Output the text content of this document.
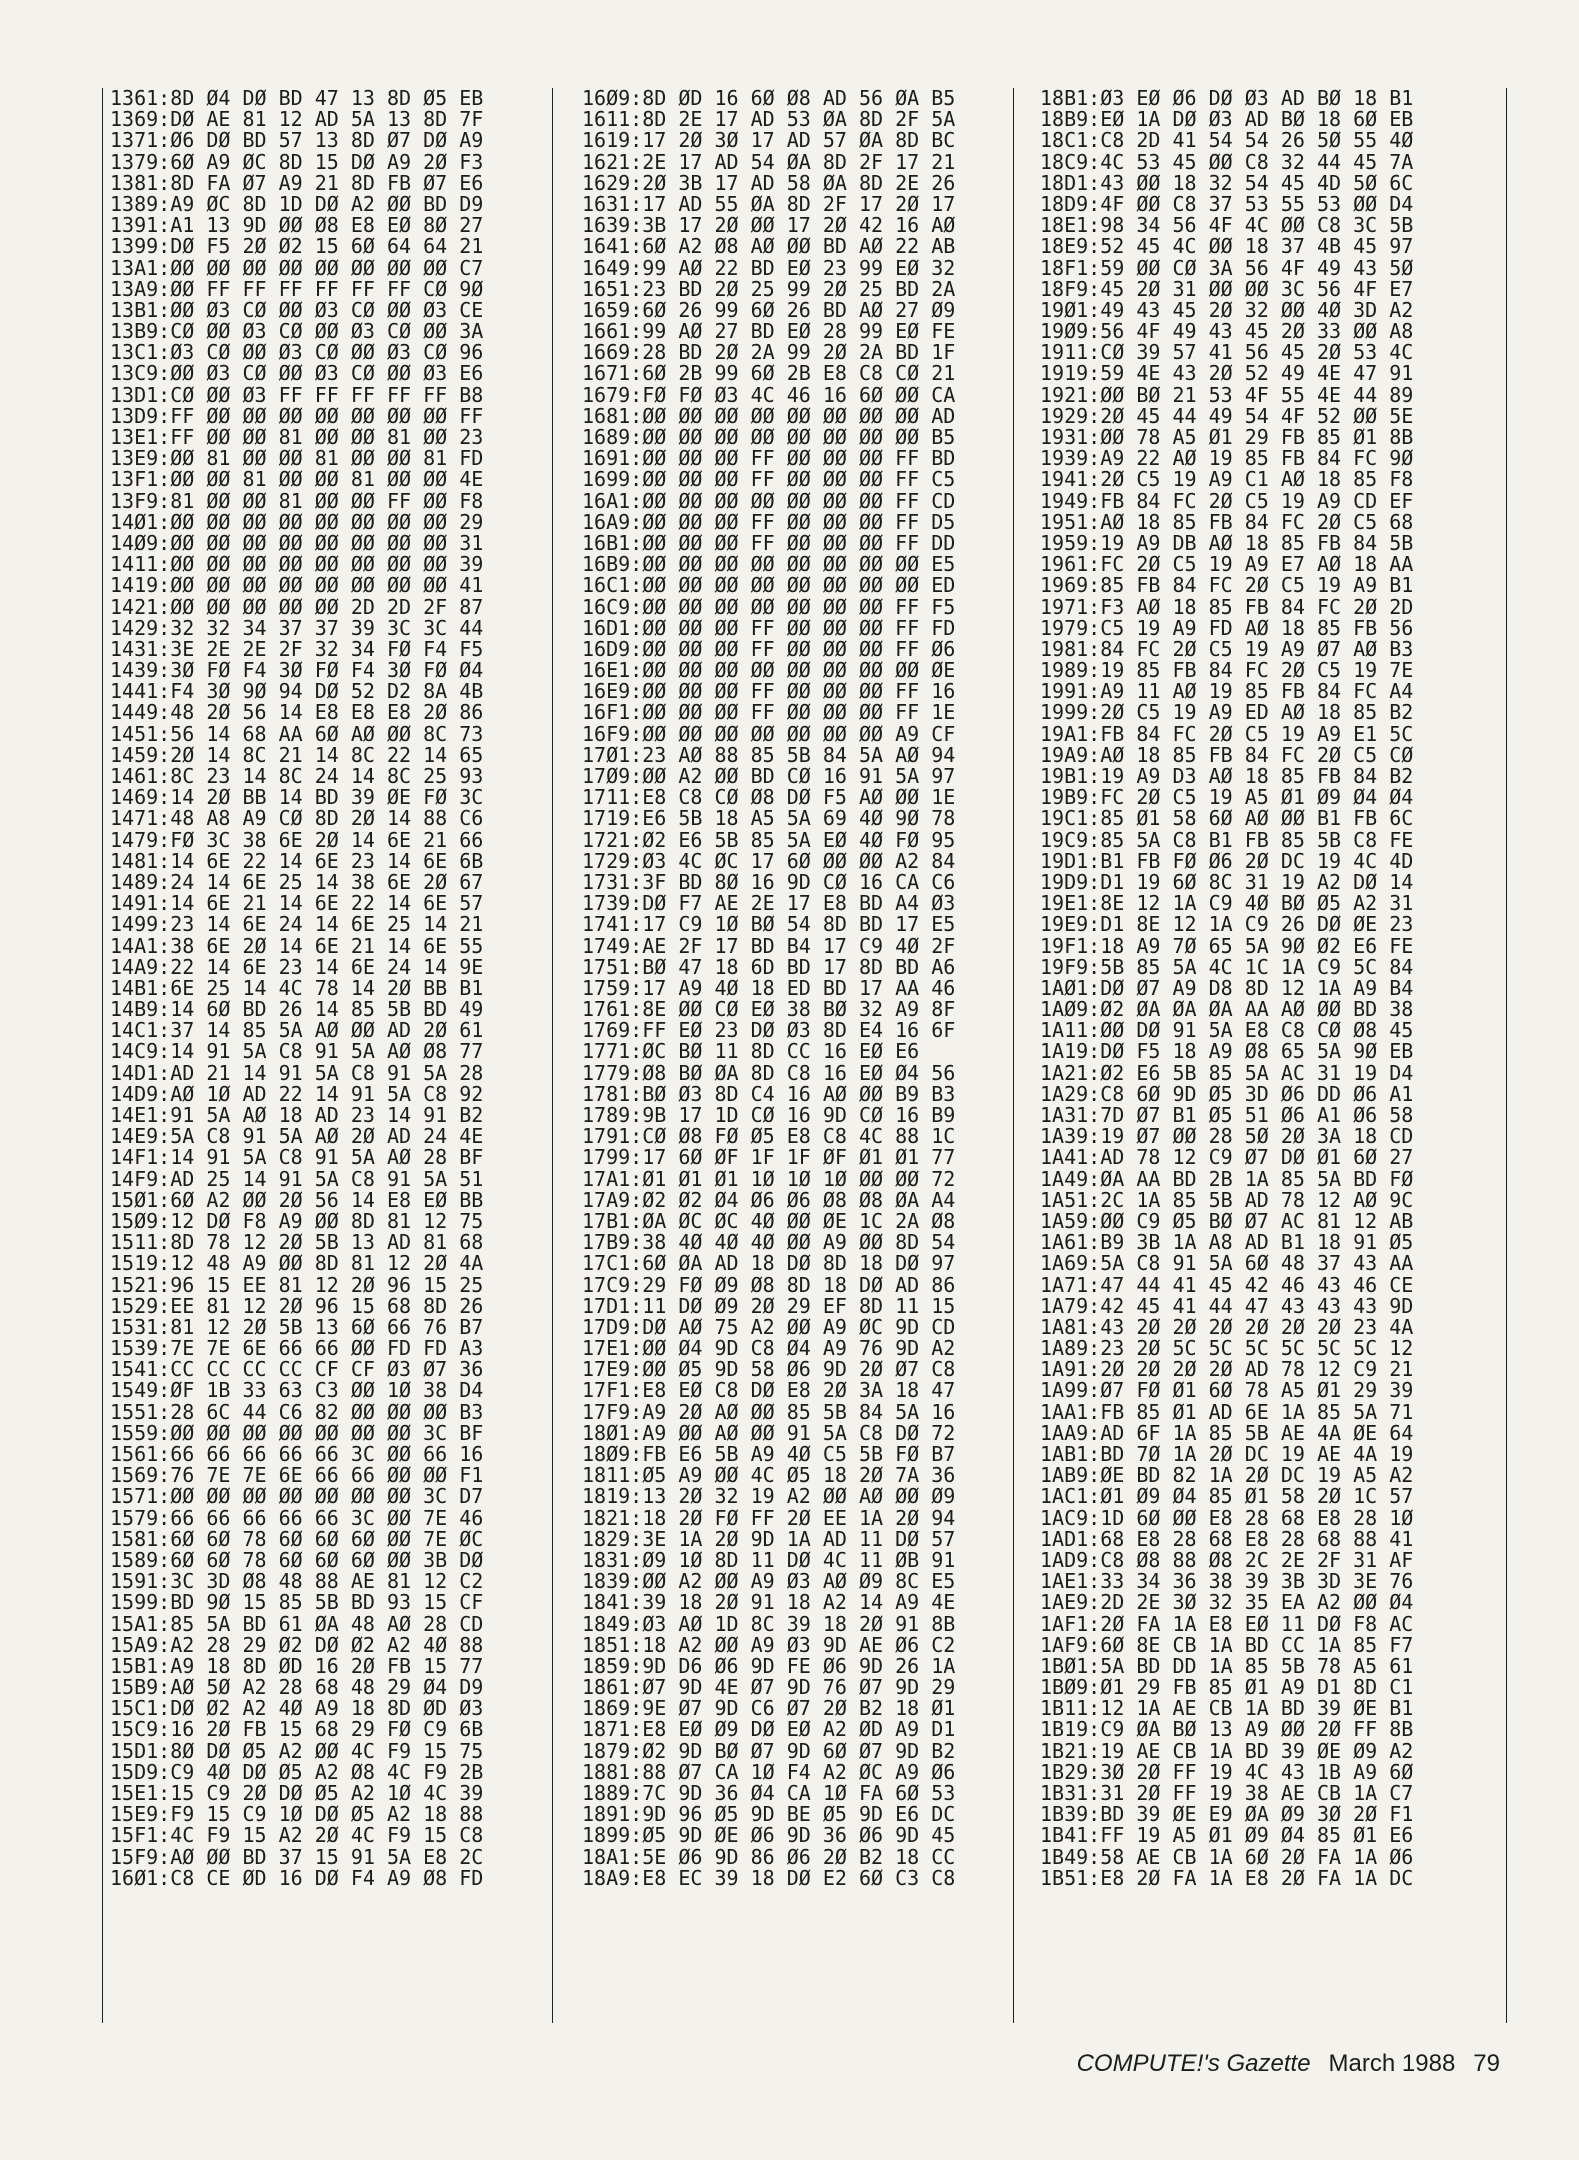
1361:8D Ø4 DØ BD 47 13 8D Ø5 EB
1369:DØ AE 81 12 AD 5A 13 8D 7F
1371:Ø6 DØ BD 57 13 8D Ø7 DØ A9
1379:6Ø A9 ØC 8D 15 DØ A9 2Ø F3
1381:8D FA Ø7 A9 21 8D FB Ø7 E6
1389:A9 ØC 8D 1D DØ A2 ØØ BD D9
1391:A1 13 9D ØØ Ø8 E8 EØ 8Ø 27
1399:DØ F5 2Ø Ø2 15 6Ø 64 64 21
13A1:ØØ ØØ ØØ ØØ ØØ ØØ ØØ ØØ C7
13A9:ØØ FF FF FF FF FF FF CØ 9Ø
13B1:ØØ Ø3 CØ ØØ Ø3 CØ ØØ Ø3 CE
13B9:CØ ØØ Ø3 CØ ØØ Ø3 CØ ØØ 3A
13C1:Ø3 CØ ØØ Ø3 CØ ØØ Ø3 CØ 96
13C9:ØØ Ø3 CØ ØØ Ø3 CØ ØØ Ø3 E6
13D1:CØ ØØ Ø3 FF FF FF FF FF B8
13D9:FF ØØ ØØ ØØ ØØ ØØ ØØ ØØ FF
13E1:FF ØØ ØØ 81 ØØ ØØ 81 ØØ 23
13E9:ØØ 81 ØØ ØØ 81 ØØ ØØ 81 FD
13F1:ØØ ØØ 81 ØØ ØØ 81 ØØ ØØ 4E
13F9:81 ØØ ØØ 81 ØØ ØØ FF ØØ F8
14Ø1:ØØ ØØ ØØ ØØ ØØ ØØ ØØ ØØ 29
14Ø9:ØØ ØØ ØØ ØØ ØØ ØØ ØØ ØØ 31
1411:ØØ ØØ ØØ ØØ ØØ ØØ ØØ ØØ 39
1419:ØØ ØØ ØØ ØØ ØØ ØØ ØØ ØØ 41
1421:ØØ ØØ ØØ ØØ ØØ 2D 2D 2F 87
1429:32 32 34 37 37 39 3C 3C 44
1431:3E 2E 2E 2F 32 34 FØ F4 F5
1439:3Ø FØ F4 3Ø FØ F4 3Ø FØ Ø4
1441:F4 3Ø 9Ø 94 DØ 52 D2 8A 4B
1449:48 2Ø 56 14 E8 E8 E8 2Ø 86
1451:56 14 68 AA 6Ø AØ ØØ 8C 73
1459:2Ø 14 8C 21 14 8C 22 14 65
1461:8C 23 14 8C 24 14 8C 25 93
1469:14 2Ø BB 14 BD 39 ØE FØ 3C
1471:48 A8 A9 CØ 8D 2Ø 14 88 C6
1479:FØ 3C 38 6E 2Ø 14 6E 21 66
1481:14 6E 22 14 6E 23 14 6E 6B
1489:24 14 6E 25 14 38 6E 2Ø 67
1491:14 6E 21 14 6E 22 14 6E 57
1499:23 14 6E 24 14 6E 25 14 21
14A1:38 6E 2Ø 14 6E 21 14 6E 55
14A9:22 14 6E 23 14 6E 24 14 9E
14B1:6E 25 14 4C 78 14 2Ø BB B1
14B9:14 6Ø BD 26 14 85 5B BD 49
14C1:37 14 85 5A AØ ØØ AD 2Ø 61
14C9:14 91 5A C8 91 5A AØ Ø8 77
14D1:AD 21 14 91 5A C8 91 5A 28
14D9:AØ 1Ø AD 22 14 91 5A C8 92
14E1:91 5A AØ 18 AD 23 14 91 B2
14E9:5A C8 91 5A AØ 2Ø AD 24 4E
14F1:14 91 5A C8 91 5A AØ 28 BF
14F9:AD 25 14 91 5A C8 91 5A 51
15Ø1:6Ø A2 ØØ 2Ø 56 14 E8 EØ BB
15Ø9:12 DØ F8 A9 ØØ 8D 81 12 75
1511:8D 78 12 2Ø 5B 13 AD 81 68
1519:12 48 A9 ØØ 8D 81 12 2Ø 4A
1521:96 15 EE 81 12 2Ø 96 15 25
1529:EE 81 12 2Ø 96 15 68 8D 26
1531:81 12 2Ø 5B 13 6Ø 66 76 B7
1539:7E 7E 6E 66 66 ØØ FD FD A3
1541:CC CC CC CC CF CF Ø3 Ø7 36
1549:ØF 1B 33 63 C3 ØØ 1Ø 38 D4
1551:28 6C 44 C6 82 ØØ ØØ ØØ B3
1559:ØØ ØØ ØØ ØØ ØØ ØØ ØØ 3C BF
1561:66 66 66 66 66 3C ØØ 66 16
1569:76 7E 7E 6E 66 66 ØØ ØØ F1
1571:ØØ ØØ ØØ ØØ ØØ ØØ ØØ 3C D7
1579:66 66 66 66 66 3C ØØ 7E 46
1581:6Ø 6Ø 78 6Ø 6Ø 6Ø ØØ 7E ØC
1589:6Ø 6Ø 78 6Ø 6Ø 6Ø ØØ 3B DØ
1591:3C 3D Ø8 48 88 AE 81 12 C2
1599:BD 9Ø 15 85 5B BD 93 15 CF
15A1:85 5A BD 61 ØA 48 AØ 28 CD
15A9:A2 28 29 Ø2 DØ Ø2 A2 4Ø 88
15B1:A9 18 8D ØD 16 2Ø FB 15 77
15B9:AØ 5Ø A2 28 68 48 29 Ø4 D9
15C1:DØ Ø2 A2 4Ø A9 18 8D ØD Ø3
15C9:16 2Ø FB 15 68 29 FØ C9 6B
15D1:8Ø DØ Ø5 A2 ØØ 4C F9 15 75
15D9:C9 4Ø DØ Ø5 A2 Ø8 4C F9 2B
15E1:15 C9 2Ø DØ Ø5 A2 1Ø 4C 39
15E9:F9 15 C9 1Ø DØ Ø5 A2 18 88
15F1:4C F9 15 A2 2Ø 4C F9 15 C8
15F9:AØ ØØ BD 37 15 91 5A E8 2C
16Ø1:C8 CE ØD 16 DØ F4 A9 Ø8 FD
16Ø9:8D ØD 16 6Ø Ø8 AD 56 ØA B5
1611:8D 2E 17 AD 53 ØA 8D 2F 5A
1619:17 2Ø 3Ø 17 AD 57 ØA 8D BC
1621:2E 17 AD 54 ØA 8D 2F 17 21
1629:2Ø 3B 17 AD 58 ØA 8D 2E 26
1631:17 AD 55 ØA 8D 2F 17 2Ø 17
1639:3B 17 2Ø ØØ 17 2Ø 42 16 AØ
1641:6Ø A2 Ø8 AØ ØØ BD AØ 22 AB
1649:99 AØ 22 BD EØ 23 99 EØ 32
1651:23 BD 2Ø 25 99 2Ø 25 BD 2A
1659:6Ø 26 99 6Ø 26 BD AØ 27 Ø9
1661:99 AØ 27 BD EØ 28 99 EØ FE
1669:28 BD 2Ø 2A 99 2Ø 2A BD 1F
1671:6Ø 2B 99 6Ø 2B E8 C8 CØ 21
1679:FØ FØ Ø3 4C 46 16 6Ø ØØ CA
1681:ØØ ØØ ØØ ØØ ØØ ØØ ØØ ØØ AD
1689:ØØ ØØ ØØ ØØ ØØ ØØ ØØ ØØ B5
1691:ØØ ØØ ØØ FF ØØ ØØ ØØ FF BD
1699:ØØ ØØ ØØ FF ØØ ØØ ØØ FF C5
16A1:ØØ ØØ ØØ ØØ ØØ ØØ ØØ FF CD
16A9:ØØ ØØ ØØ FF ØØ ØØ ØØ FF D5
16B1:ØØ ØØ ØØ FF ØØ ØØ ØØ FF DD
16B9:ØØ ØØ ØØ ØØ ØØ ØØ ØØ ØØ E5
16C1:ØØ ØØ ØØ ØØ ØØ ØØ ØØ ØØ ED
16C9:ØØ ØØ ØØ ØØ ØØ ØØ ØØ FF F5
16D1:ØØ ØØ ØØ FF ØØ ØØ ØØ FF FD
16D9:ØØ ØØ ØØ FF ØØ ØØ ØØ FF Ø6
16E1:ØØ ØØ ØØ ØØ ØØ ØØ ØØ ØØ ØE
16E9:ØØ ØØ ØØ FF ØØ ØØ ØØ FF 16
16F1:ØØ ØØ ØØ FF ØØ ØØ ØØ FF 1E
16F9:ØØ ØØ ØØ ØØ ØØ ØØ ØØ A9 CF
17Ø1:23 AØ 88 85 5B 84 5A AØ 94
17Ø9:ØØ A2 ØØ BD CØ 16 91 5A 97
1711:E8 C8 CØ Ø8 DØ F5 AØ ØØ 1E
1719:E6 5B 18 A5 5A 69 4Ø 9Ø 78
1721:Ø2 E6 5B 85 5A EØ 4Ø FØ 95
1729:Ø3 4C ØC 17 6Ø ØØ ØØ A2 84
1731:3F BD 8Ø 16 9D CØ 16 CA C6
1739:DØ F7 AE 2E 17 E8 BD A4 Ø3
1741:17 C9 1Ø BØ 54 8D BD 17 E5
1749:AE 2F 17 BD B4 17 C9 4Ø 2F
1751:BØ 47 18 6D BD 17 8D BD A6
1759:17 A9 4Ø 18 ED BD 17 AA 46
1761:8E ØØ CØ EØ 38 BØ 32 A9 8F
1769:FF EØ 23 DØ Ø3 8D E4 16 6F
1771:ØC BØ 11 8D CC 16 EØ E6
1779:Ø8 BØ ØA 8D C8 16 EØ Ø4 56
1781:BØ Ø3 8D C4 16 AØ ØØ B9 B3
1789:9B 17 1D CØ 16 9D CØ 16 B9
1791:CØ Ø8 FØ Ø5 E8 C8 4C 88 1C
1799:17 6Ø ØF 1F 1F ØF Ø1 Ø1 77
17A1:Ø1 Ø1 Ø1 1Ø 1Ø 1Ø ØØ ØØ 72
17A9:Ø2 Ø2 Ø4 Ø6 Ø6 Ø8 Ø8 ØA A4
17B1:ØA ØC ØC 4Ø ØØ ØE 1C 2A Ø8
17B9:38 4Ø 4Ø 4Ø ØØ A9 ØØ 8D 54
17C1:6Ø ØA AD 18 DØ 8D 18 DØ 97
17C9:29 FØ Ø9 Ø8 8D 18 DØ AD 86
17D1:11 DØ Ø9 2Ø 29 EF 8D 11 15
17D9:DØ AØ 75 A2 ØØ A9 ØC 9D CD
17E1:ØØ Ø4 9D C8 Ø4 A9 76 9D A2
17E9:ØØ Ø5 9D 58 Ø6 9D 2Ø Ø7 C8
17F1:E8 EØ C8 DØ E8 2Ø 3A 18 47
17F9:A9 2Ø AØ ØØ 85 5B 84 5A 16
18Ø1:A9 ØØ AØ ØØ 91 5A C8 DØ 72
18Ø9:FB E6 5B A9 4Ø C5 5B FØ B7
1811:Ø5 A9 ØØ 4C Ø5 18 2Ø 7A 36
1819:13 2Ø 32 19 A2 ØØ AØ ØØ Ø9
1821:18 2Ø FØ FF 2Ø EE 1A 2Ø 94
1829:3E 1A 2Ø 9D 1A AD 11 DØ 57
1831:Ø9 1Ø 8D 11 DØ 4C 11 ØB 91
1839:ØØ A2 ØØ A9 Ø3 AØ Ø9 8C E5
1841:39 18 2Ø 91 18 A2 14 A9 4E
1849:Ø3 AØ 1D 8C 39 18 2Ø 91 8B
1851:18 A2 ØØ A9 Ø3 9D AE Ø6 C2
1859:9D D6 Ø6 9D FE Ø6 9D 26 1A
1861:Ø7 9D 4E Ø7 9D 76 Ø7 9D 29
1869:9E Ø7 9D C6 Ø7 2Ø B2 18 Ø1
1871:E8 EØ Ø9 DØ EØ A2 ØD A9 D1
1879:Ø2 9D BØ Ø7 9D 6Ø Ø7 9D B2
1881:88 Ø7 CA 1Ø F4 A2 ØC A9 Ø6
1889:7C 9D 36 Ø4 CA 1Ø FA 6Ø 53
1891:9D 96 Ø5 9D BE Ø5 9D E6 DC
1899:Ø5 9D ØE Ø6 9D 36 Ø6 9D 45
18A1:5E Ø6 9D 86 Ø6 2Ø B2 18 CC
18A9:E8 EC 39 18 DØ E2 6Ø C3 C8
18B1:Ø3 EØ Ø6 DØ Ø3 AD BØ 18 B1
18B9:EØ 1A DØ Ø3 AD BØ 18 6Ø EB
18C1:C8 2D 41 54 54 26 5Ø 55 4Ø
18C9:4C 53 45 ØØ C8 32 44 45 7A
18D1:43 ØØ 18 32 54 45 4D 5Ø 6C
18D9:4F ØØ C8 37 53 55 53 ØØ D4
18E1:98 34 56 4F 4C ØØ C8 3C 5B
18E9:52 45 4C ØØ 18 37 4B 45 97
18F1:59 ØØ CØ 3A 56 4F 49 43 5Ø
18F9:45 2Ø 31 ØØ ØØ 3C 56 4F E7
19Ø1:49 43 45 2Ø 32 ØØ 4Ø 3D A2
19Ø9:56 4F 49 43 45 2Ø 33 ØØ A8
1911:CØ 39 57 41 56 45 2Ø 53 4C
1919:59 4E 43 2Ø 52 49 4E 47 91
1921:ØØ BØ 21 53 4F 55 4E 44 89
1929:2Ø 45 44 49 54 4F 52 ØØ 5E
1931:ØØ 78 A5 Ø1 29 FB 85 Ø1 8B
1939:A9 22 AØ 19 85 FB 84 FC 9Ø
1941:2Ø C5 19 A9 C1 AØ 18 85 F8
1949:FB 84 FC 2Ø C5 19 A9 CD EF
1951:AØ 18 85 FB 84 FC 2Ø C5 68
1959:19 A9 DB AØ 18 85 FB 84 5B
1961:FC 2Ø C5 19 A9 E7 AØ 18 AA
1969:85 FB 84 FC 2Ø C5 19 A9 B1
1971:F3 AØ 18 85 FB 84 FC 2Ø 2D
1979:C5 19 A9 FD AØ 18 85 FB 56
1981:84 FC 2Ø C5 19 A9 Ø7 AØ B3
1989:19 85 FB 84 FC 2Ø C5 19 7E
1991:A9 11 AØ 19 85 FB 84 FC A4
1999:2Ø C5 19 A9 ED AØ 18 85 B2
19A1:FB 84 FC 2Ø C5 19 A9 E1 5C
19A9:AØ 18 85 FB 84 FC 2Ø C5 CØ
19B1:19 A9 D3 AØ 18 85 FB 84 B2
19B9:FC 2Ø C5 19 A5 Ø1 Ø9 Ø4 Ø4
19C1:85 Ø1 58 6Ø AØ ØØ B1 FB 6C
19C9:85 5A C8 B1 FB 85 5B C8 FE
19D1:B1 FB FØ Ø6 2Ø DC 19 4C 4D
19D9:D1 19 6Ø 8C 31 19 A2 DØ 14
19E1:8E 12 1A C9 4Ø BØ Ø5 A2 31
19E9:D1 8E 12 1A C9 26 DØ ØE 23
19F1:18 A9 7Ø 65 5A 9Ø Ø2 E6 FE
19F9:5B 85 5A 4C 1C 1A C9 5C 84
1AØ1:DØ Ø7 A9 D8 8D 12 1A A9 B4
1AØ9:Ø2 ØA ØA ØA AA AØ ØØ BD 38
1A11:ØØ DØ 91 5A E8 C8 CØ Ø8 45
1A19:DØ F5 18 A9 Ø8 65 5A 9Ø EB
1A21:Ø2 E6 5B 85 5A AC 31 19 D4
1A29:C8 6Ø 9D Ø5 3D Ø6 DD Ø6 A1
1A31:7D Ø7 B1 Ø5 51 Ø6 A1 Ø6 58
1A39:19 Ø7 ØØ 28 5Ø 2Ø 3A 18 CD
1A41:AD 78 12 C9 Ø7 DØ Ø1 6Ø 27
1A49:ØA AA BD 2B 1A 85 5A BD FØ
1A51:2C 1A 85 5B AD 78 12 AØ 9C
1A59:ØØ C9 Ø5 BØ Ø7 AC 81 12 AB
1A61:B9 3B 1A A8 AD B1 18 91 Ø5
1A69:5A C8 91 5A 6Ø 48 37 43 AA
1A71:47 44 41 45 42 46 43 46 CE
1A79:42 45 41 44 47 43 43 43 9D
1A81:43 2Ø 2Ø 2Ø 2Ø 2Ø 2Ø 23 4A
1A89:23 2Ø 5C 5C 5C 5C 5C 5C 12
1A91:2Ø 2Ø 2Ø 2Ø AD 78 12 C9 21
1A99:Ø7 FØ Ø1 6Ø 78 A5 Ø1 29 39
1AA1:FB 85 Ø1 AD 6E 1A 85 5A 71
1AA9:AD 6F 1A 85 5B AE 4A ØE 64
1AB1:BD 7Ø 1A 2Ø DC 19 AE 4A 19
1AB9:ØE BD 82 1A 2Ø DC 19 A5 A2
1AC1:Ø1 Ø9 Ø4 85 Ø1 58 2Ø 1C 57
1AC9:1D 6Ø ØØ E8 28 68 E8 28 1Ø
1AD1:68 E8 28 68 E8 28 68 88 41
1AD9:C8 Ø8 88 Ø8 2C 2E 2F 31 AF
1AE1:33 34 36 38 39 3B 3D 3E 76
1AE9:2D 2E 3Ø 32 35 EA A2 ØØ Ø4
1AF1:2Ø FA 1A E8 EØ 11 DØ F8 AC
1AF9:6Ø 8E CB 1A BD CC 1A 85 F7
1BØ1:5A BD DD 1A 85 5B 78 A5 61
1BØ9:Ø1 29 FB 85 Ø1 A9 D1 8D C1
1B11:12 1A AE CB 1A BD 39 ØE B1
1B19:C9 ØA BØ 13 A9 ØØ 2Ø FF 8B
1B21:19 AE CB 1A BD 39 ØE Ø9 A2
1B29:3Ø 2Ø FF 19 4C 43 1B A9 6Ø
1B31:31 2Ø FF 19 38 AE CB 1A C7
1B39:BD 39 ØE E9 ØA Ø9 3Ø 2Ø F1
1B41:FF 19 A5 Ø1 Ø9 Ø4 85 Ø1 E6
1B49:58 AE CB 1A 6Ø 2Ø FA 1A Ø6
1B51:E8 2Ø FA 1A E8 2Ø FA 1A DC
COMPUTE!'s Gazette March 1988 79
